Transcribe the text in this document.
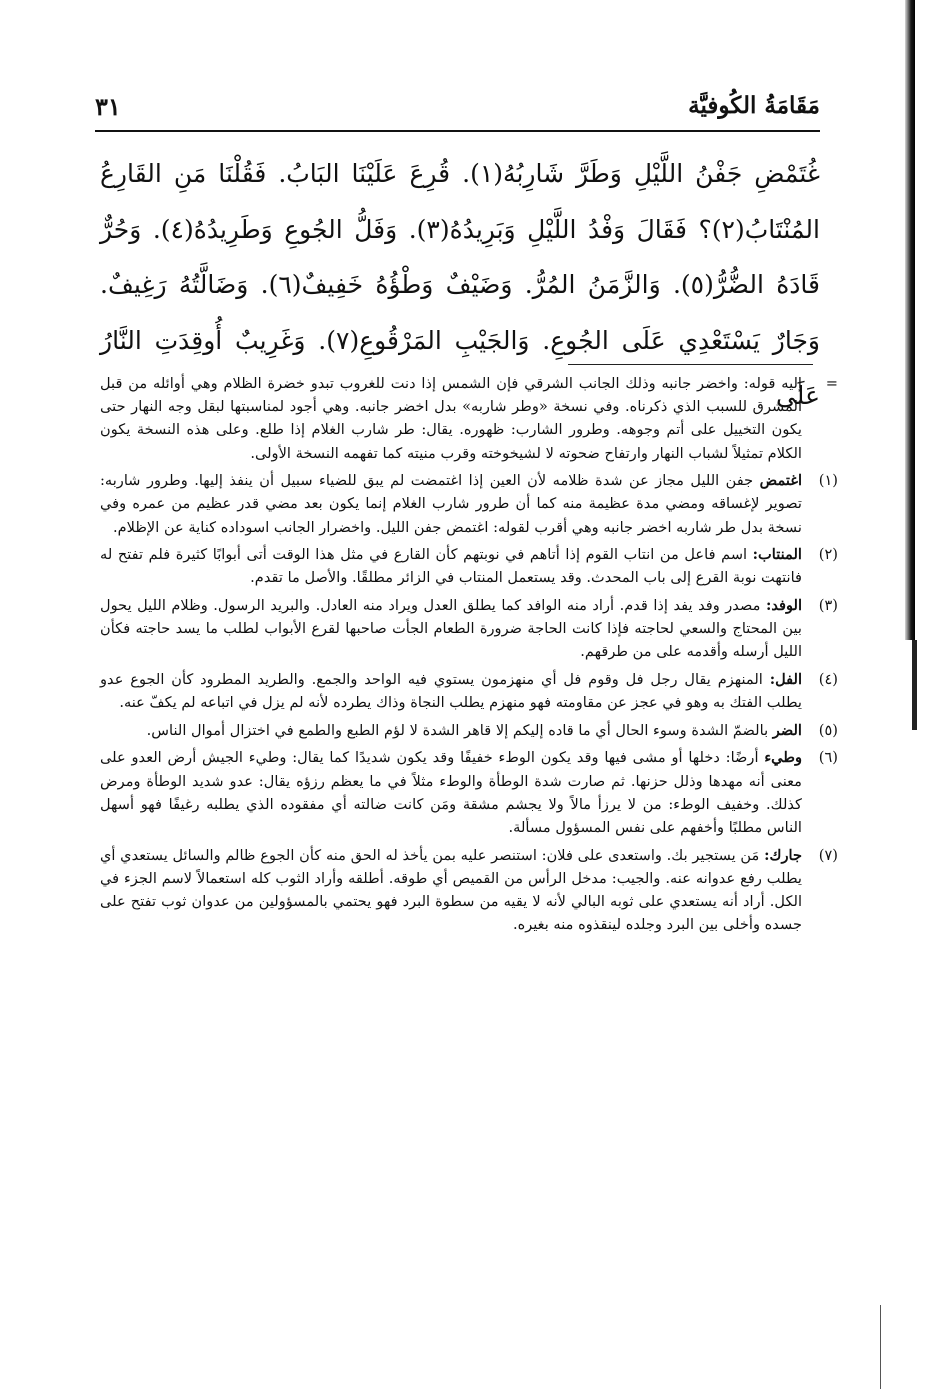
مَقَامَةُ الكُوفيَّة
٣١

غُتَمْضِ جَفْنُ اللَّيْلِ وَطَرَّ شَارِبُهُ(١). قُرِعَ عَلَيْنَا البَابُ. فَقُلْنَا مَنِ القَارِعُ المُنْتَابُ(٢)؟ فَقَالَ وَفْدُ اللَّيْلِ وَبَرِيدُهُ(٣). وَفَلُّ الجُوعِ وَطَرِيدُهُ(٤). وَحُرٌّ قَادَهُ الضُّرُّ(٥). وَالزَّمَنُ المُرُّ. وَضَيْفٌ وَطْؤُهُ خَفِيفٌ(٦). وَضَالَّتُهُ رَغِيفٌ. وَجَارٌ يَسْتَعْدِي عَلَى الجُوعِ. وَالجَيْبِ المَرْقُوعِ(٧). وَغَرِيبٌ أُوقِدَتِ النَّارُ عَلَى =
إليه قوله: واخضر جانبه وذلك الجانب الشرقي فإن الشمس إذا دنت للغروب تبدو خضرة الظلام وهي أوائله من قبل المشرق للسبب الذي ذكرناه. وفي نسخة «وطر شاربه» بدل اخضر جانبه. وهي أجود لمناسبتها لبقل وجه النهار حتى يكون التخييل على أتم وجوهه. وطرور الشارب: ظهوره. يقال: طر شارب الغلام إذا طلع. وعلى هذه النسخة يكون الكلام تمثيلاً لشباب النهار وارتفاح ضحوته لا لشيخوخته وقرب منيته كما تفهمه النسخة الأولى.
(١)
اغتمض جفن الليل مجاز عن شدة ظلامه لأن العين إذا اغتمضت لم يبق للضياء سبيل أن ينفذ إليها. وطرور شاربه: تصوير لإغساقه ومضي مدة عظيمة منه كما أن طرور شارب الغلام إنما يكون بعد مضي قدر عظيم من عمره وفي نسخة بدل طر شاربه اخضر جانبه وهي أقرب لقوله: اغتمض جفن الليل. واخضرار الجانب اسوداده كناية عن الإظلام.
(٢)
المنتاب: اسم فاعل من انتاب القوم إذا أتاهم في نوبتهم كأن القارع في مثل هذا الوقت أتى أبوابًا كثيرة فلم تفتح له فانتهت نوبة القرع إلى باب المحدث. وقد يستعمل المنتاب في الزائر مطلقًا. والأصل ما تقدم.
(٣)
الوفد: مصدر وفد يفد إذا قدم. أراد منه الوافد كما يطلق العدل ويراد منه العادل. والبريد الرسول. وظلام الليل يحول بين المحتاج والسعي لحاجته فإذا كانت الحاجة ضرورة الطعام الجأت صاحبها لقرع الأبواب لطلب ما يسد حاجته فكأن الليل أرسله وأقدمه على من طرقهم.
(٤)
الفل: المنهزم يقال رجل فل وقوم فل أي منهزمون يستوي فيه الواحد والجمع. والطريد المطرود كأن الجوع عدو يطلب الفتك به وهو في عجز عن مقاومته فهو منهزم يطلب النجاة وذاك يطرده لأنه لم يزل في اتباعه لم يكفّ عنه.
(٥)
الضر بالضمّ الشدة وسوء الحال أي ما قاده إليكم إلا قاهر الشدة لا لؤم الطبع والطمع في اختزال أموال الناس.
(٦)
وطيء أرضًا: دخلها أو مشى فيها وقد يكون الوطء خفيفًا وقد يكون شديدًا كما يقال: وطيء الجيش أرض العدو على معنى أنه مهدها وذلل حزنها. ثم صارت شدة الوطأة والوطء مثلاً في ما يعظم رزؤه يقال: عدو شديد الوطأة ومرض كذلك. وخفيف الوطء: من لا يرزأ مالاً ولا يجشم مشقة ومَن كانت ضالته أي مفقوده الذي يطلبه رغيفًا فهو أسهل الناس مطلبًا وأخفهم على نفس المسؤول مسألة.
(٧)
جارك: مَن يستجير بك. واستعدى على فلان: استنصر عليه بمن يأخذ له الحق منه كأن الجوع ظالم والسائل يستعدي أي يطلب رفع عدوانه عنه. والجيب: مدخل الرأس من القميص أي طوقه. أطلقه وأراد الثوب كله استعمالاً لاسم الجزء في الكل. أراد أنه يستعدي على ثوبه البالي لأنه لا يقيه من سطوة البرد فهو يحتمي بالمسؤولين من عدوان ثوب تفتح على جسده وأخلى بين البرد وجلده لينقذوه منه بغيره.
